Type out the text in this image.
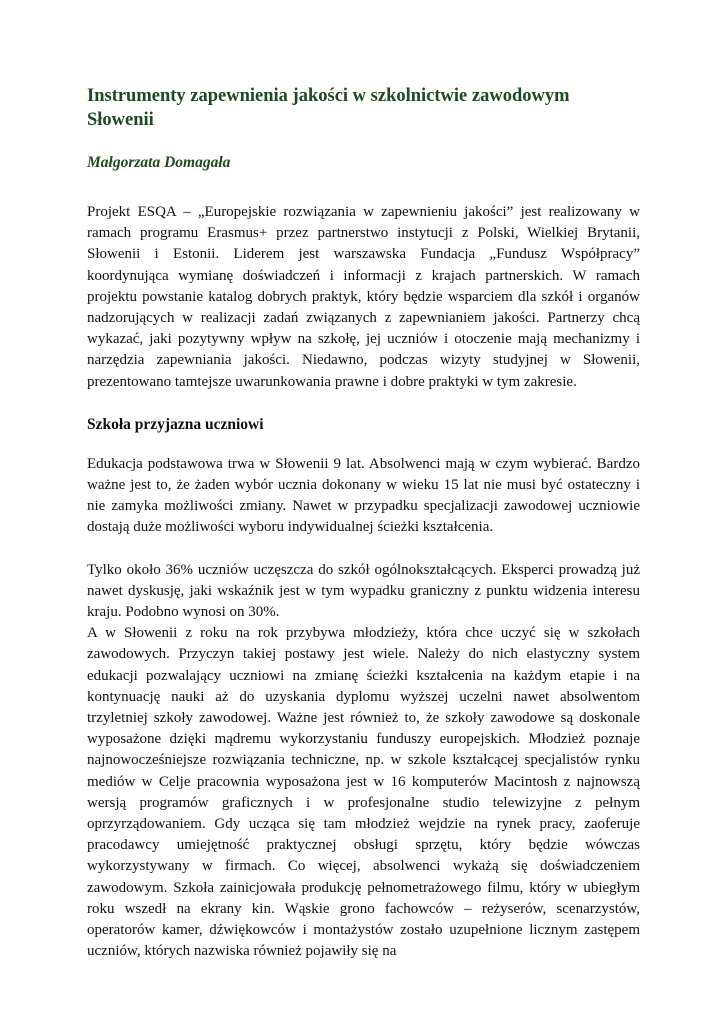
Instrumenty zapewnienia jakości w szkolnictwie zawodowym Słowenii
Małgorzata Domagała

Projekt ESQA – „Europejskie rozwiązania w zapewnieniu jakości” jest realizowany w ramach programu Erasmus+ przez partnerstwo instytucji z Polski, Wielkiej Brytanii, Słowenii i Estonii. Liderem jest warszawska Fundacja „Fundusz Współpracy” koordynująca wymianę doświadczeń i informacji z krajach partnerskich. W ramach projektu powstanie katalog dobrych praktyk, który będzie wsparciem dla szkół i organów nadzorujących w realizacji zadań związanych z zapewnianiem jakości. Partnerzy chcą wykazać, jaki pozytywny wpływ na szkołę, jej uczniów i otoczenie mają mechanizmy i narzędzia zapewniania jakości. Niedawno, podczas wizyty studyjnej w Słowenii, prezentowano tamtejsze uwarunkowania prawne i dobre praktyki w tym zakresie.

Szkoła przyjazna uczniowi

Edukacja podstawowa trwa w Słowenii 9 lat. Absolwenci mają w czym wybierać. Bardzo ważne jest to, że żaden wybór ucznia dokonany w wieku 15 lat nie musi być ostateczny i nie zamyka możliwości zmiany. Nawet w przypadku specjalizacji zawodowej uczniowie dostają duże możliwości wyboru indywidualnej ścieżki kształcenia.

Tylko około 36% uczniów uczęszcza do szkół ogólnokształcących. Eksperci prowadzą już nawet dyskusję, jaki wskaźnik jest w tym wypadku graniczny z punktu widzenia interesu kraju. Podobno wynosi on 30%.

A w Słowenii z roku na rok przybywa młodzieży, która chce uczyć się w szkołach zawodowych. Przyczyn takiej postawy jest wiele. Należy do nich elastyczny system edukacji pozwalający uczniowi na zmianę ścieżki kształcenia na każdym etapie i na kontynuację nauki aż do uzyskania dyplomu wyższej uczelni nawet absolwentom trzyletniej szkoły zawodowej. Ważne jest również to, że szkoły zawodowe są doskonale wyposażone dzięki mądremu wykorzystaniu funduszy europejskich. Młodzież poznaje najnowocześniejsze rozwiązania techniczne, np. w szkole kształcącej specjalistów rynku mediów w Celje pracownia wyposażona jest w 16 komputerów Macintosh z najnowszą wersją programów graficznych i w profesjonalne studio telewizyjne z pełnym oprzyrządowaniem. Gdy ucząca się tam młodzież wejdzie na rynek pracy, zaoferuje pracodawcy umiejętność praktycznej obsługi sprzętu, który będzie wówczas wykorzystywany w firmach. Co więcej, absolwenci wykażą się doświadczeniem zawodowym. Szkoła zainicjowała produkcję pełnometrażowego filmu, który w ubiegłym roku wszedł na ekrany kin. Wąskie grono fachowców – reżyserów, scenarzystów, operatorów kamer, dźwiękowców i montażystów zostało uzupełnione licznym zastępem uczniów, których nazwiska również pojawiły się na
